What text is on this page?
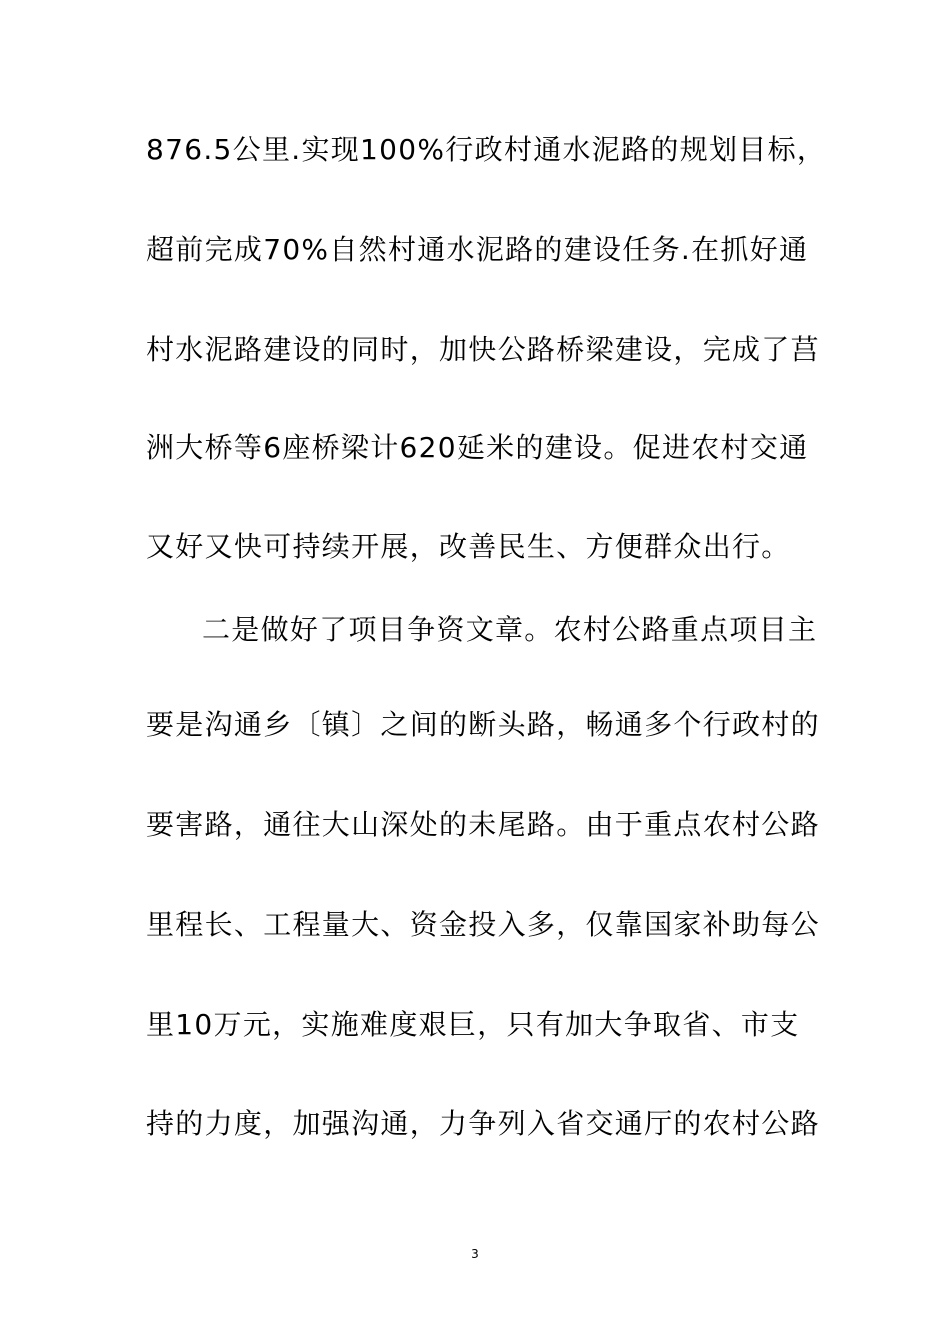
876.5公里.实现100%行政村通水泥路的规划目标，
超前完成70%自然村通水泥路的建设任务.在抓好通
村水泥路建设的同时，加快公路桥梁建设，完成了莒
洲大桥等6座桥梁计620延米的建设。促进农村交通
又好又快可持续开展，改善民生、方便群众出行。
二是做好了项目争资文章。农村公路重点项目主
要是沟通乡〔镇〕之间的断头路，畅通多个行政村的
要害路，通往大山深处的未尾路。由于重点农村公路
里程长、工程量大、资金投入多，仅靠国家补助每公
里10万元，实施难度艰巨，只有加大争取省、市支
持的力度，加强沟通，力争列入省交通厅的农村公路
3
